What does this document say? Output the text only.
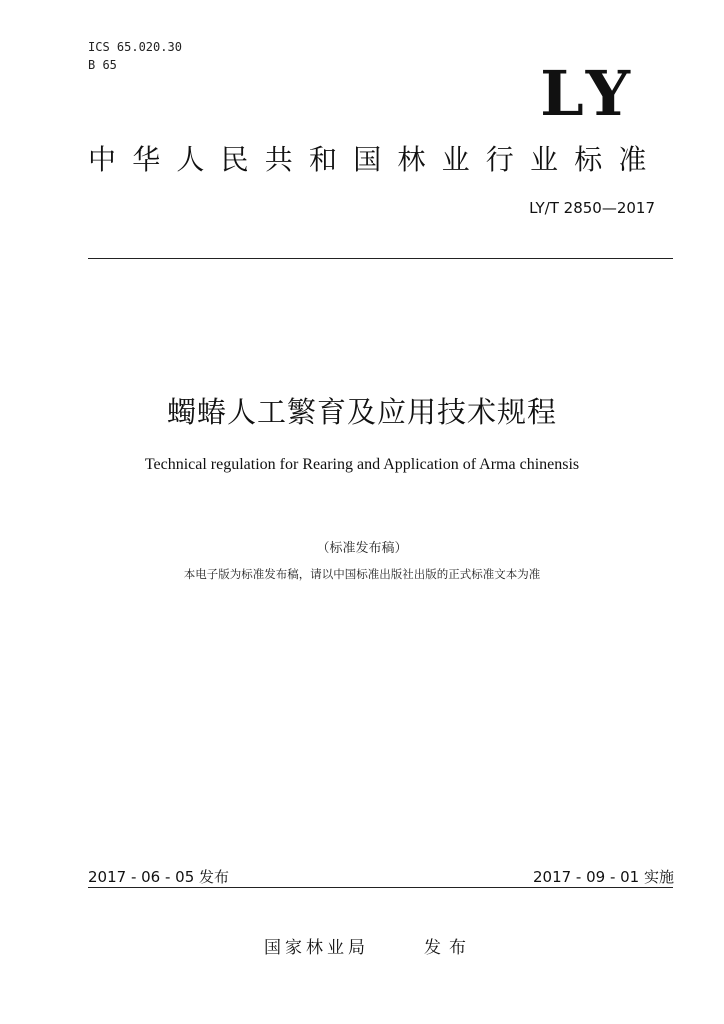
ICS 65.020.30
B 65	LY
中华人民共和国林业行业标准
LY/T 2850—2017
蠋蝽人工繁育及应用技术规程
Technical regulation for Rearing and Application of Arma chinensis
（标准发布稿）
本电子版为标准发布稿，请以中国标准出版社出版的正式标准文本为准
2017 - 06 - 05 发布	2017 - 09 - 01 实施
国家林业局	发布
